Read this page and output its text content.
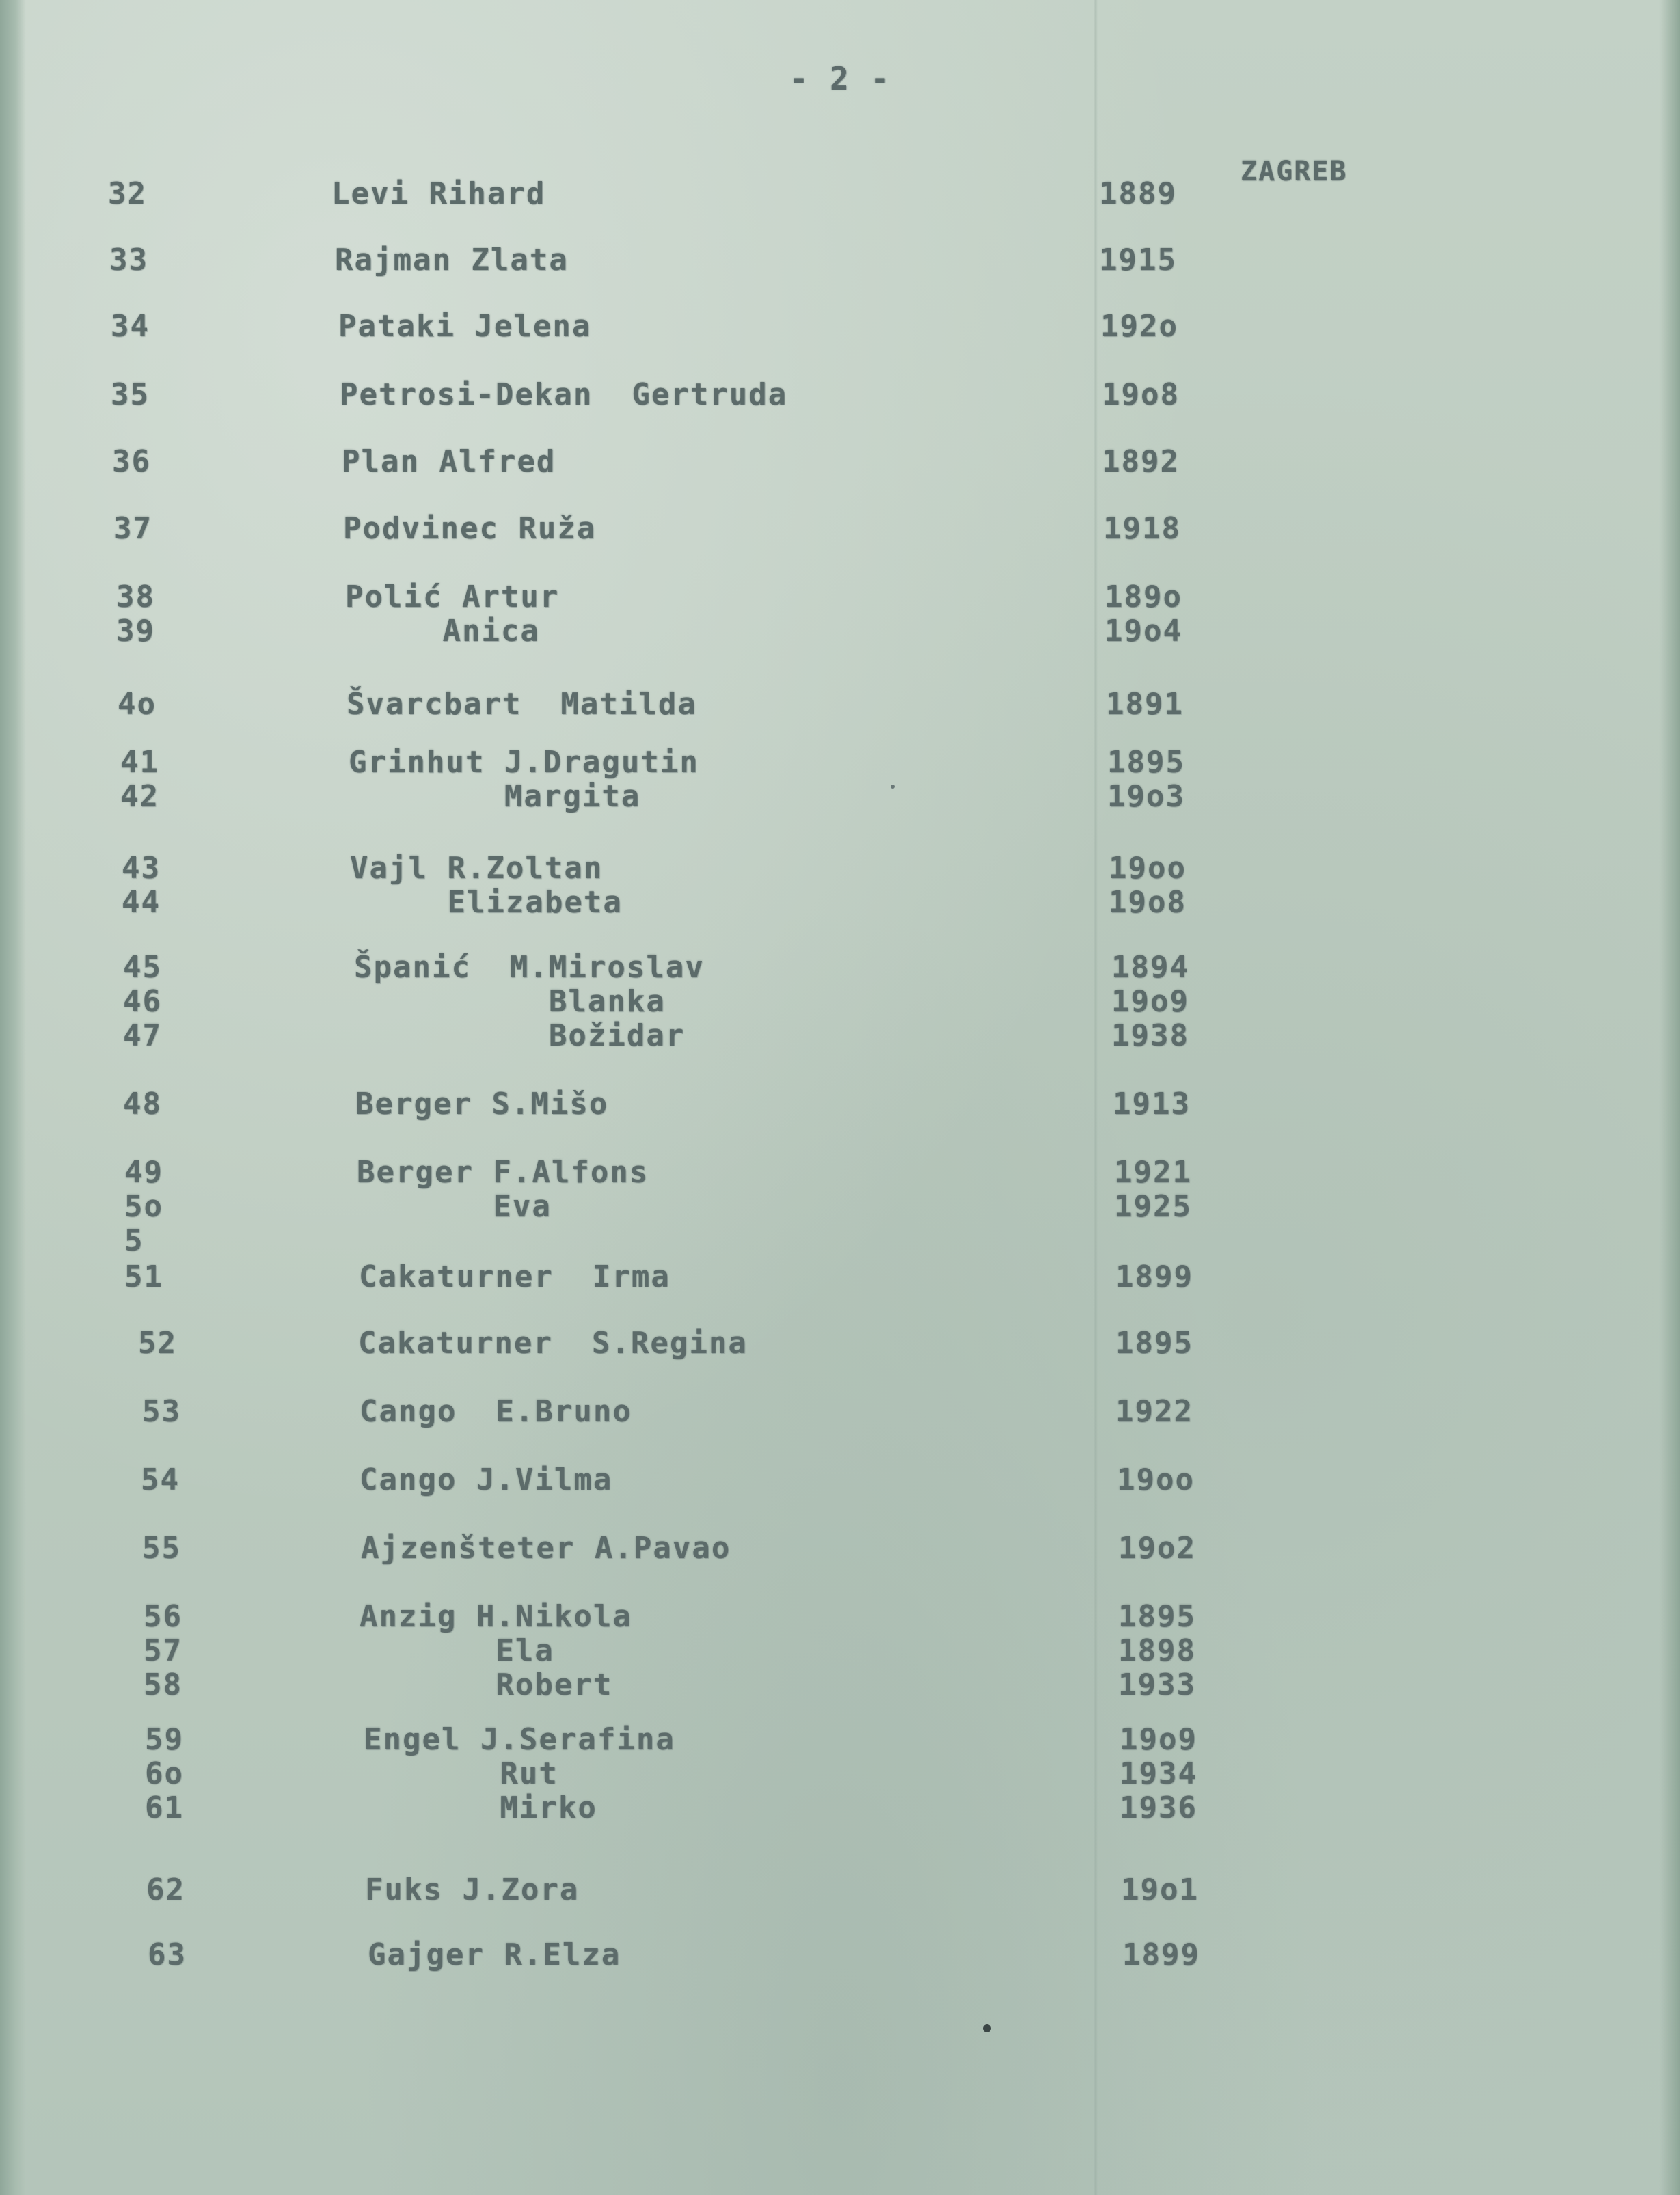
- 2 -
ZAGREB
32	Levi Rihard	1889
33	Rajman Zlata	1915
34	Pataki Jelena	192o
35	Petrosi-Dekan  Gertruda	19o8
36	Plan Alfred	1892
37	Podvinec Ruža	1918
38	Polić Artur	189o
39	Anica	19o4
4o	Švarcbart  Matilda	1891
41	Grinhut J.Dragutin	1895
42	Margita	19o3
43	Vajl R.Zoltan	19oo
44	Elizabeta	19o8
45	Španić  M.Miroslav	1894
46	Blanka	19o9
47	Božidar	1938
48	Berger S.Mišo	1913
49	Berger F.Alfons	1921
5o	Eva	1925
5
51	Cakaturner  Irma	1899
52	Cakaturner  S.Regina	1895
53	Cango  E.Bruno	1922
54	Cango J.Vilma	19oo
55	Ajzenšteter A.Pavao	19o2
56	Anzig H.Nikola	1895
57	Ela	1898
58	Robert	1933
59	Engel J.Serafina	19o9
6o	Rut	1934
61	Mirko	1936
62	Fuks J.Zora	19o1
63	Gajger R.Elza	1899
